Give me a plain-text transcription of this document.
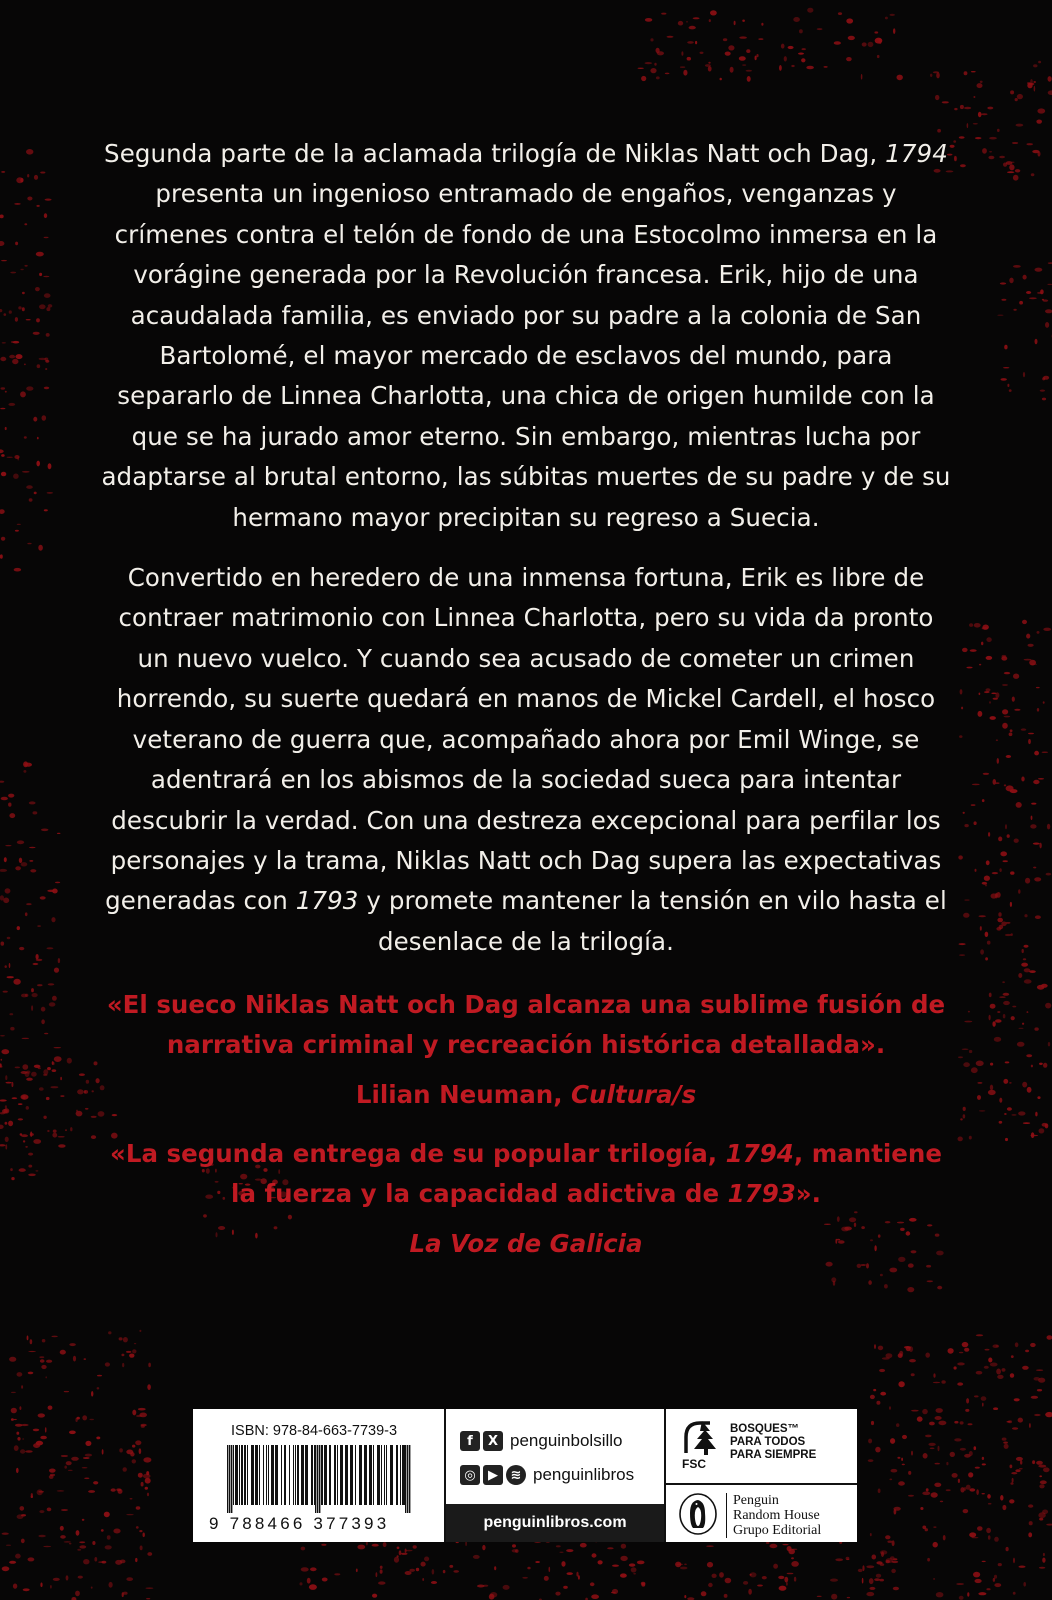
Segunda parte de la aclamada trilogía de Niklas Natt och Dag, 1794 presenta un ingenioso entramado de engaños, venganzas y crímenes contra el telón de fondo de una Estocolmo inmersa en la vorágine generada por la Revolución francesa. Erik, hijo de una acaudalada familia, es enviado por su padre a la colonia de San Bartolomé, el mayor mercado de esclavos del mundo, para separarlo de Linnea Charlotta, una chica de origen humilde con la que se ha jurado amor eterno. Sin embargo, mientras lucha por adaptarse al brutal entorno, las súbitas muertes de su padre y de su hermano mayor precipitan su regreso a Suecia.

Convertido en heredero de una inmensa fortuna, Erik es libre de contraer matrimonio con Linnea Charlotta, pero su vida da pronto un nuevo vuelco. Y cuando sea acusado de cometer un crimen horrendo, su suerte quedará en manos de Mickel Cardell, el hosco veterano de guerra que, acompañado ahora por Emil Winge, se adentrará en los abismos de la sociedad sueca para intentar descubrir la verdad. Con una destreza excepcional para perfilar los personajes y la trama, Niklas Natt och Dag supera las expectativas generadas con 1793 y promete mantener la tensión en vilo hasta el desenlace de la trilogía.

«El sueco Niklas Natt och Dag alcanza una sublime fusión de narrativa criminal y recreación histórica detallada».
Lilian Neuman, Cultura/s
«La segunda entrega de su popular trilogía, 1794, mantiene la fuerza y la capacidad adictiva de 1793».
La Voz de Galicia
ISBN: 978-84-663-7739-3
9 788466 377393
f	X penguinbolsillo
◎ ▶ ≋ penguinlibros
penguinlibros.com
FSC
BOSQUES™
PARA TODOS
PARA SIEMPRE
Penguin
Random House
Grupo Editorial
